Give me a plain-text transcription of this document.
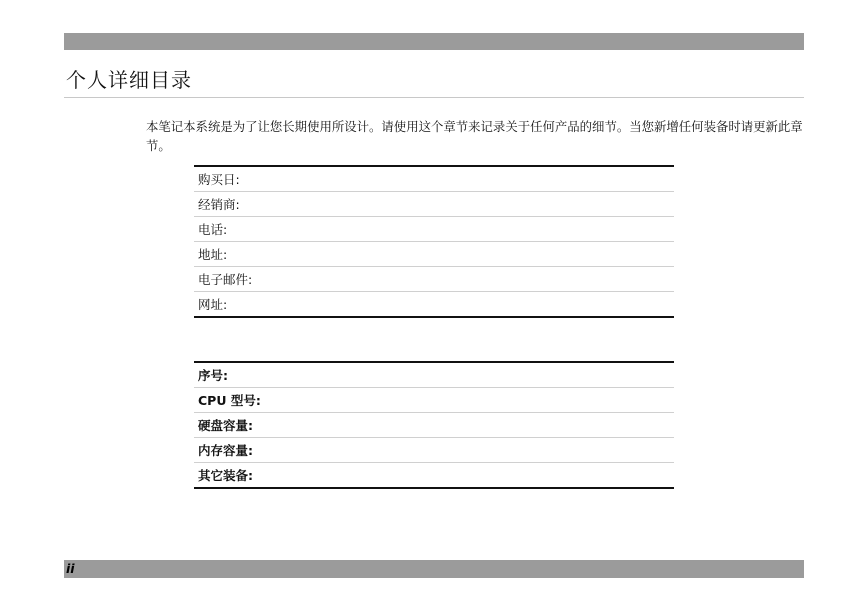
个人详细目录

本笔记本系统是为了让您长期使用所设计。请使用这个章节来记录关于任何产品的细节。当您新增任何装备时请更新此章节。

购买日:
经销商:
电话:
地址:
电子邮件:
网址:
序号:
CPU 型号:
硬盘容量:
内存容量:
其它装备:
ii
